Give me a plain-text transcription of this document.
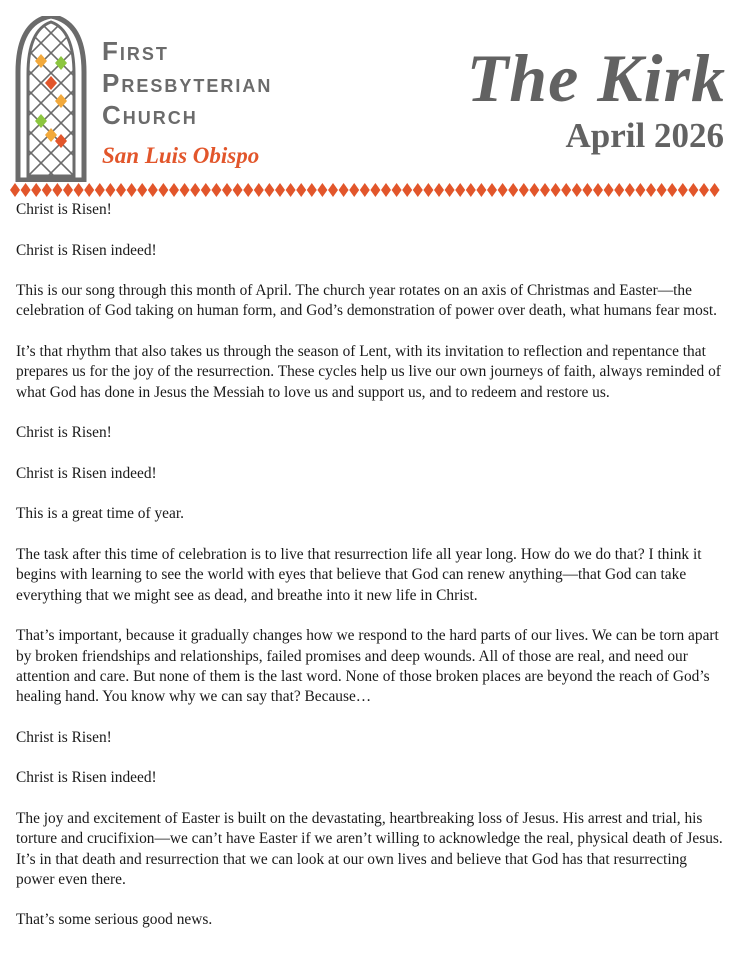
First
Presbyterian
Church
San Luis Obispo
The Kirk
April 2026

Christ is Risen!

Christ is Risen indeed!

This is our song through this month of April. The church year rotates on an axis of Christmas and Easter—the celebration of God taking on human form, and God’s demonstration of power over death, what humans fear most.

It’s that rhythm that also takes us through the season of Lent, with its invitation to reflection and repentance that prepares us for the joy of the resurrection. These cycles help us live our own journeys of faith, always reminded of what God has done in Jesus the Messiah to love us and support us, and to redeem and restore us.

Christ is Risen!

Christ is Risen indeed!

This is a great time of year.

The task after this time of celebration is to live that resurrection life all year long. How do we do that? I think it begins with learning to see the world with eyes that believe that God can renew anything—that God can take everything that we might see as dead, and breathe into it new life in Christ.

That’s important, because it gradually changes how we respond to the hard parts of our lives. We can be torn apart by broken friendships and relationships, failed promises and deep wounds. All of those are real, and need our attention and care. But none of them is the last word. None of those broken places are beyond the reach of God’s healing hand. You know why we can say that? Because…

Christ is Risen!

Christ is Risen indeed!

The joy and excitement of Easter is built on the devastating, heartbreaking loss of Jesus. His arrest and trial, his torture and crucifixion—we can’t have Easter if we aren’t willing to acknowledge the real, physical death of Jesus. It’s in that death and resurrection that we can look at our own lives and believe that God has that resurrecting power even there.

That’s some serious good news.
